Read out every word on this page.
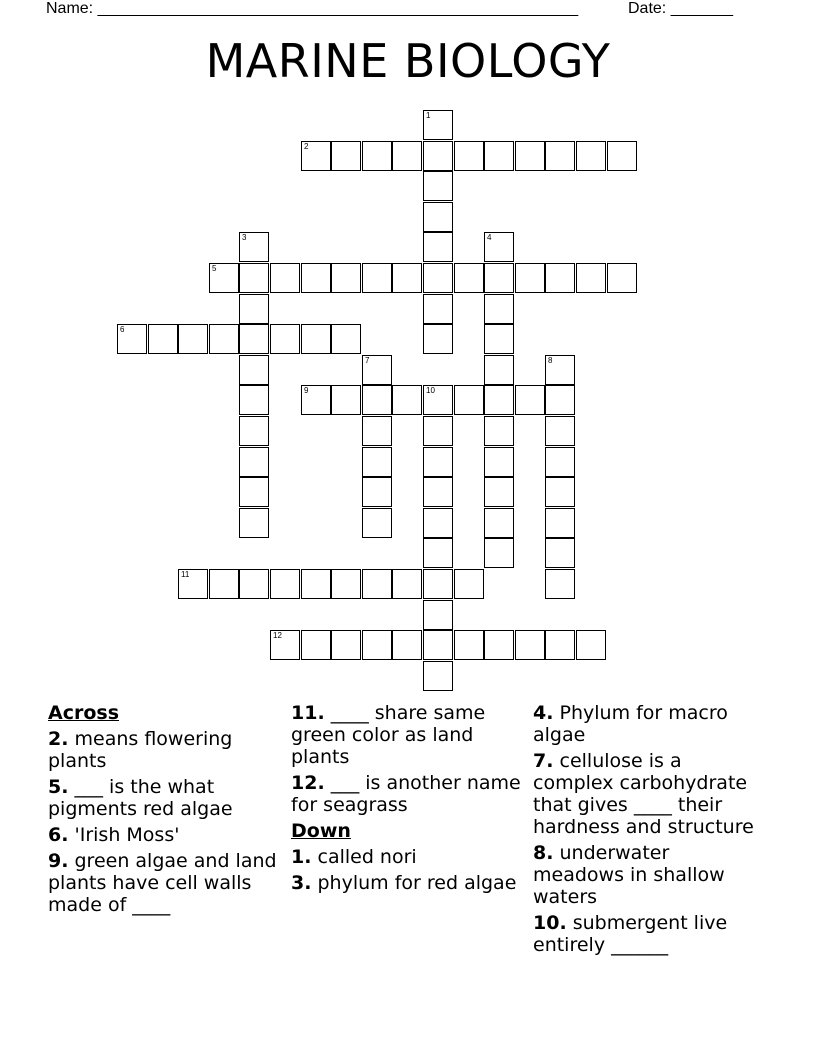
Name: ______________________________________________________	Date: _______
MARINE BIOLOGY
1
2
3	4
5
6
7	8
9	10
11
12
Across
2. means flowering plants
5. ___ is the what pigments red algae
6. 'Irish Moss'
9. green algae and land plants have cell walls made of ____
11. ____ share same green color as land plants
12. ___ is another name for seagrass
Down
1. called nori
3. phylum for red algae
4. Phylum for macro algae
7. cellulose is a complex carbohydrate that gives ____ their hardness and structure
8. underwater meadows in shallow waters
10. submergent live entirely ______
